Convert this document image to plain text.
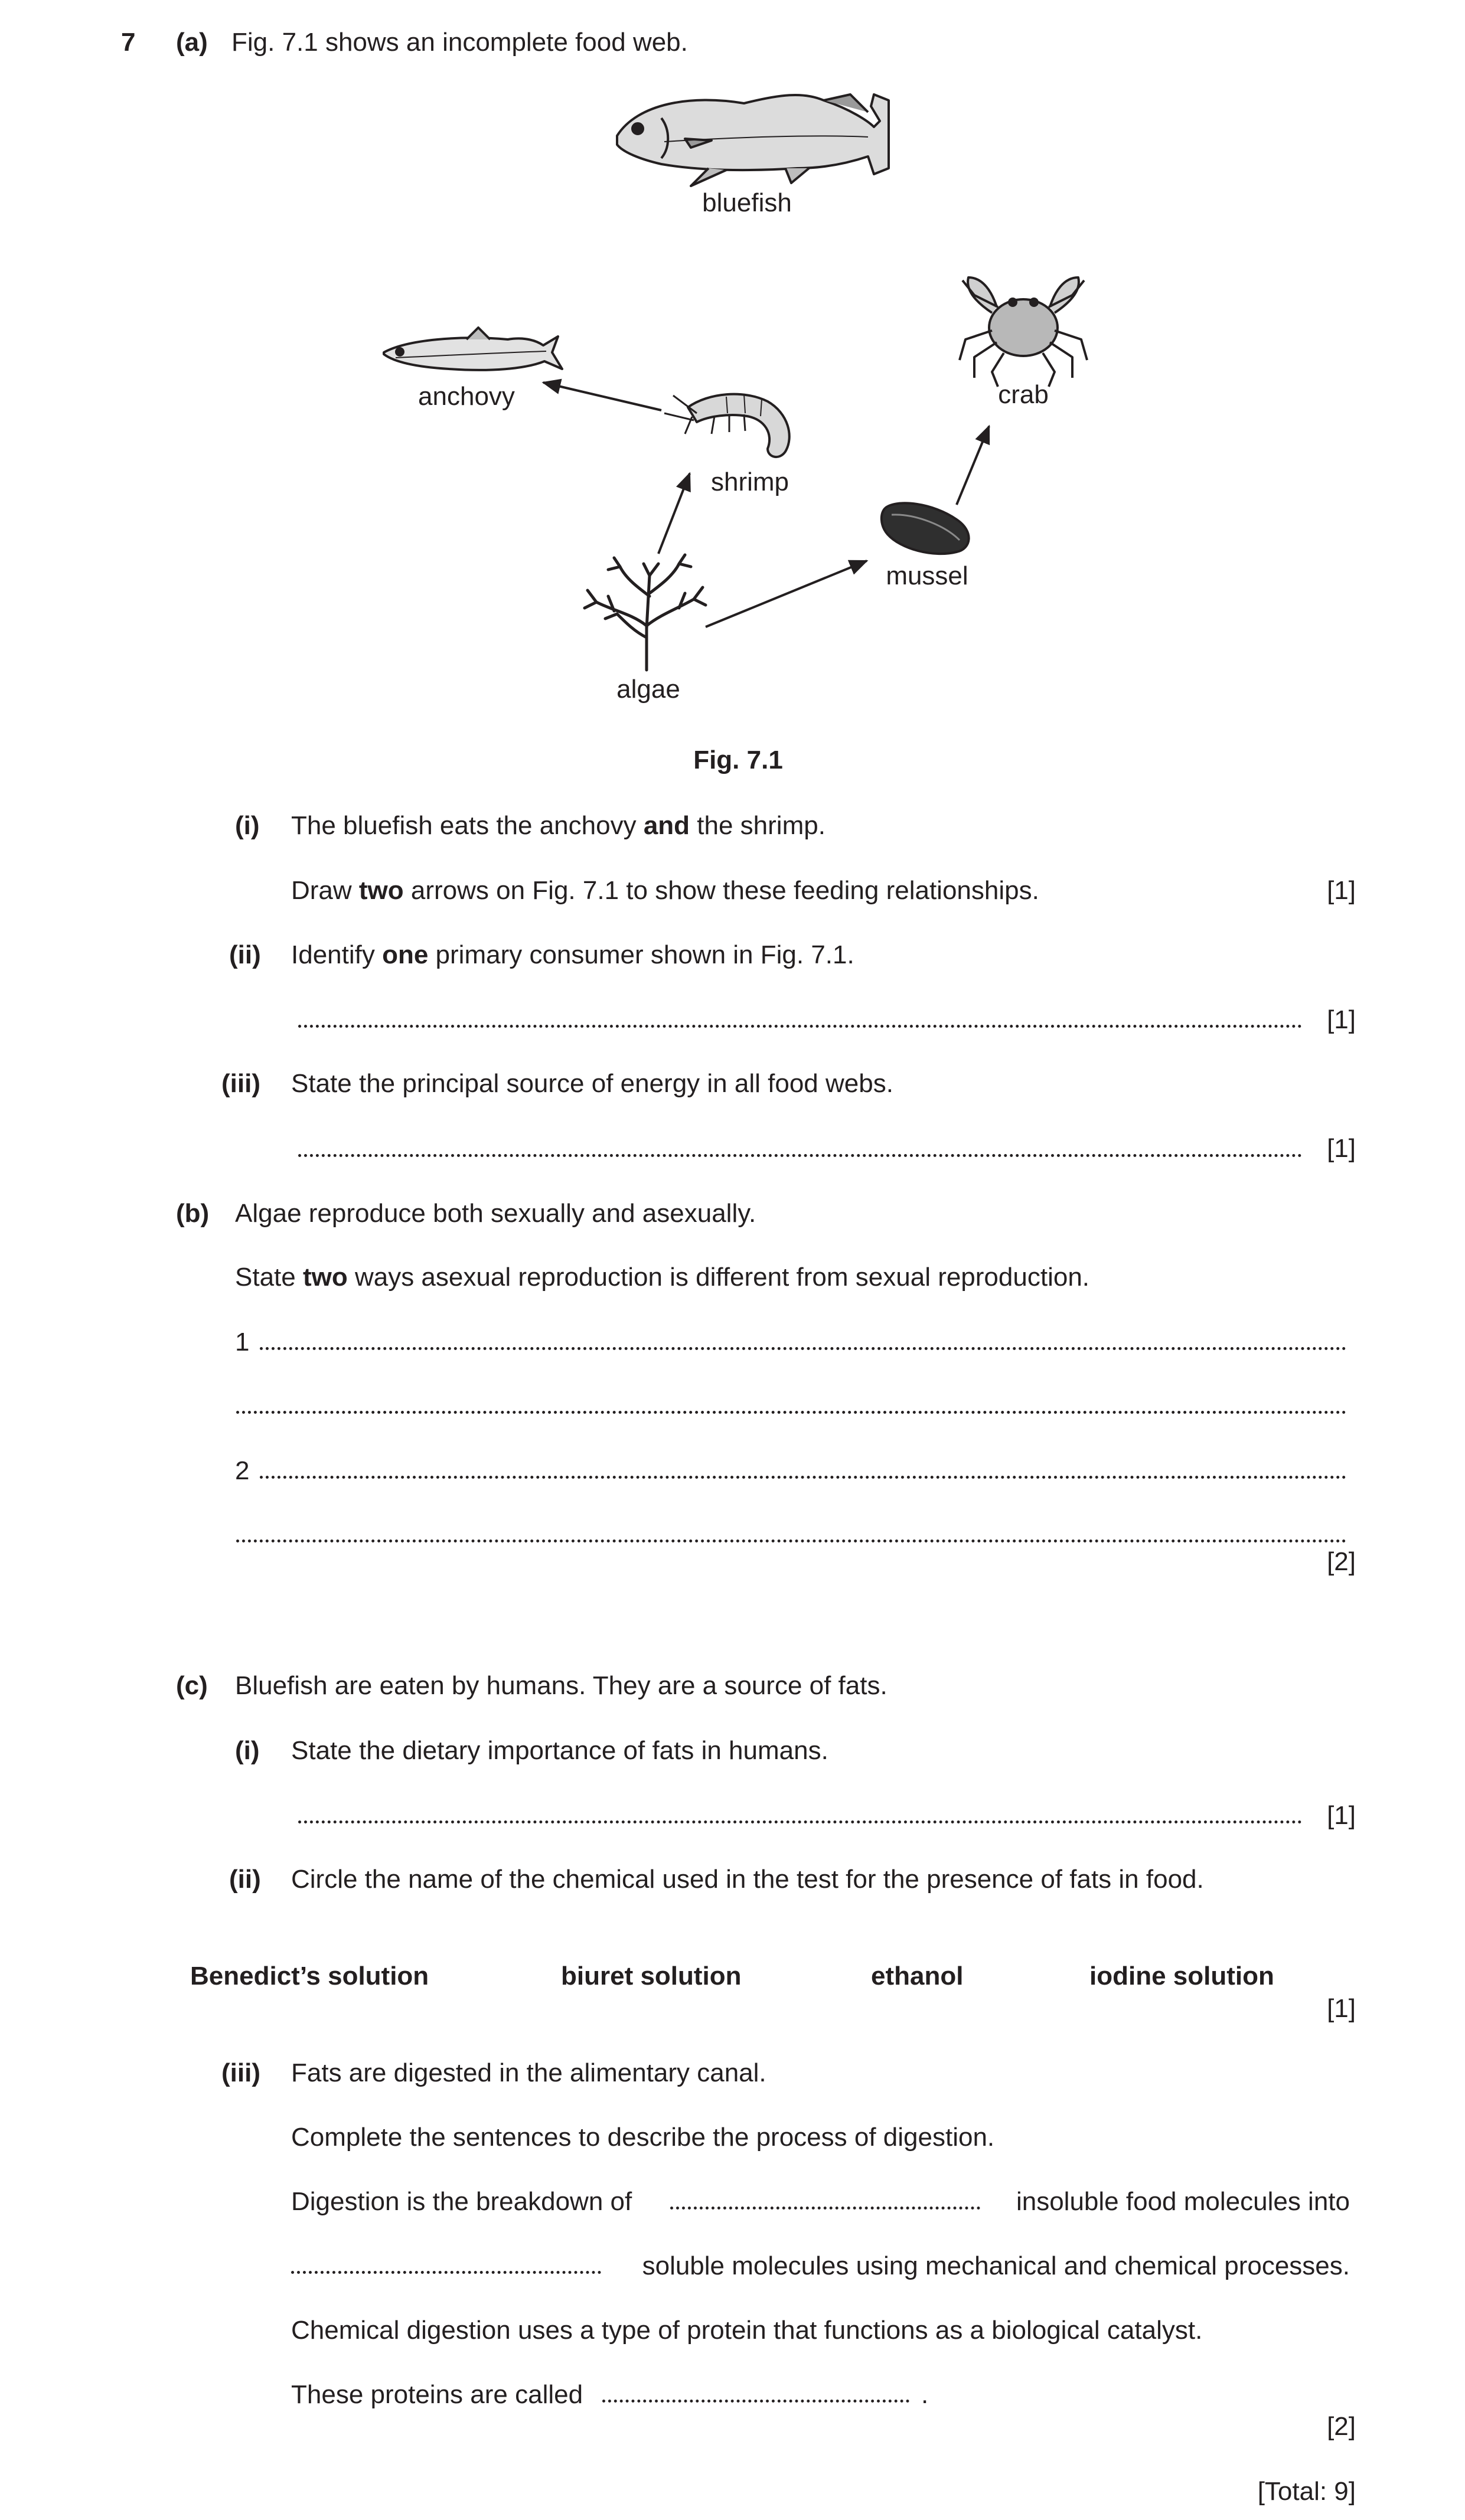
7 (a) Fig. 7.1 shows an incomplete food web.
bluefish
anchovy	crab
shrimp
mussel
algae
Fig. 7.1
(i) The bluefish eats the anchovy and the shrimp.
Draw two arrows on Fig. 7.1 to show these feeding relationships.	[1]
(ii) Identify one primary consumer shown in Fig. 7.1.
[1]
(iii) State the principal source of energy in all food webs.
[1]
(b) Algae reproduce both sexually and asexually.
State two ways asexual reproduction is different from sexual reproduction.
1
2
[2]
(c) Bluefish are eaten by humans. They are a source of fats.
(i) State the dietary importance of fats in humans.
[1]
(ii) Circle the name of the chemical used in the test for the presence of fats in food.
Benedict’s solution	biuret solution	ethanol	iodine solution
[1]
(iii) Fats are digested in the alimentary canal.
Complete the sentences to describe the process of digestion.
Digestion is the breakdown of	insoluble food molecules into
soluble molecules using mechanical and chemical processes.
Chemical digestion uses a type of protein that functions as a biological catalyst.
These proteins are called	.
[2]
[Total: 9]
